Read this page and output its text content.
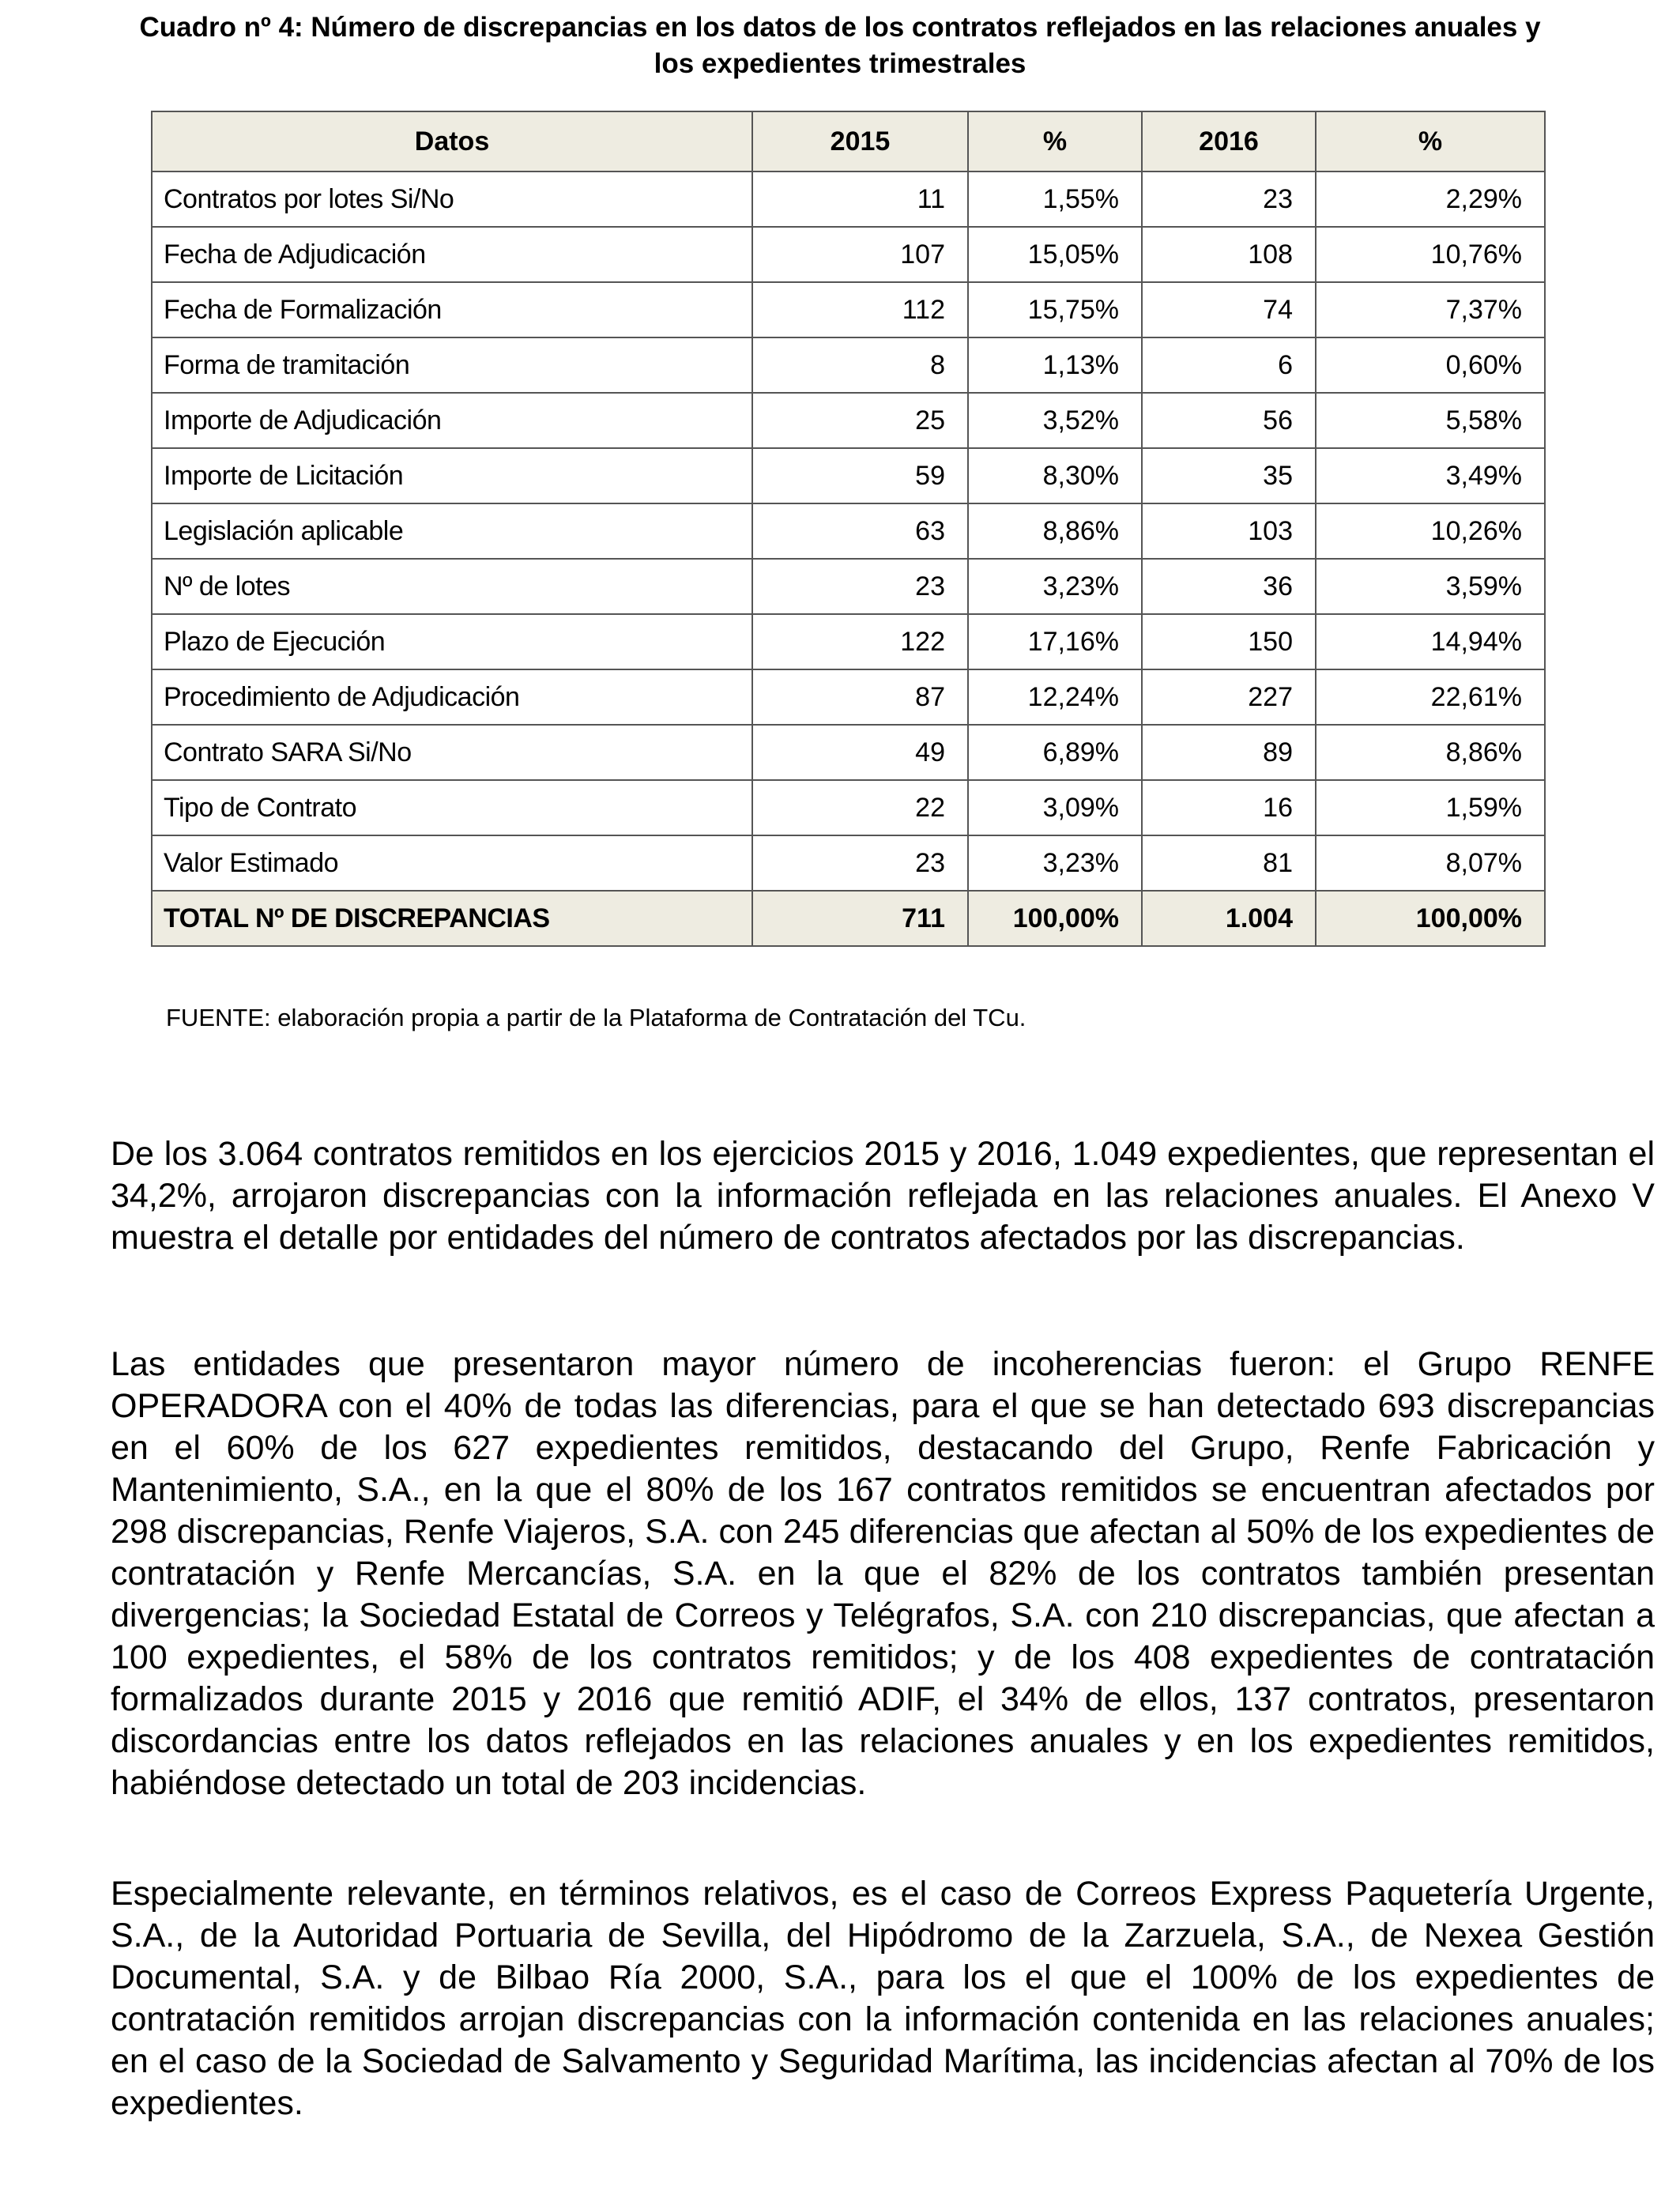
Cuadro nº 4: Número de discrepancias en los datos de los contratos reflejados en las relaciones anuales y los expedientes trimestrales
Datos	2015	%	2016	%
Contratos por lotes Si/No	11	1,55%	23	2,29%
Fecha de Adjudicación	107	15,05%	108	10,76%
Fecha de Formalización	112	15,75%	74	7,37%
Forma de tramitación	8	1,13%	6	0,60%
Importe de Adjudicación	25	3,52%	56	5,58%
Importe de Licitación	59	8,30%	35	3,49%
Legislación aplicable	63	8,86%	103	10,26%
Nº de lotes	23	3,23%	36	3,59%
Plazo de Ejecución	122	17,16%	150	14,94%
Procedimiento de Adjudicación	87	12,24%	227	22,61%
Contrato SARA Si/No	49	6,89%	89	8,86%
Tipo de Contrato	22	3,09%	16	1,59%
Valor Estimado	23	3,23%	81	8,07%
TOTAL Nº DE DISCREPANCIAS	711	100,00%	1.004	100,00%
FUENTE: elaboración propia a partir de la Plataforma de Contratación del TCu.

De los 3.064 contratos remitidos en los ejercicios 2015 y 2016, 1.049 expedientes, que representan el 34,2%, arrojaron discrepancias con la información reflejada en las relaciones anuales. El Anexo V muestra el detalle por entidades del número de contratos afectados por las discrepancias.

Las entidades que presentaron mayor número de incoherencias fueron: el Grupo RENFE OPERADORA con el 40% de todas las diferencias, para el que se han detectado 693 discrepancias en el 60% de los 627 expedientes remitidos, destacando del Grupo, Renfe Fabricación y Mantenimiento, S.A., en la que el 80% de los 167 contratos remitidos se encuentran afectados por 298 discrepancias, Renfe Viajeros, S.A. con 245 diferencias que afectan al 50% de los expedientes de contratación y Renfe Mercancías, S.A. en la que el 82% de los contratos también presentan divergencias; la Sociedad Estatal de Correos y Telégrafos, S.A. con 210 discrepancias, que afectan a 100 expedientes, el 58% de los contratos remitidos; y de los 408 expedientes de contratación formalizados durante 2015 y 2016 que remitió ADIF, el 34% de ellos, 137 contratos, presentaron discordancias entre los datos reflejados en las relaciones anuales y en los expedientes remitidos, habiéndose detectado un total de 203 incidencias.

Especialmente relevante, en términos relativos, es el caso de Correos Express Paquetería Urgente, S.A., de la Autoridad Portuaria de Sevilla, del Hipódromo de la Zarzuela, S.A., de Nexea Gestión Documental, S.A. y de Bilbao Ría 2000, S.A., para los el que el 100% de los expedientes de contratación remitidos arrojan discrepancias con la información contenida en las relaciones anuales; en el caso de la Sociedad de Salvamento y Seguridad Marítima, las incidencias afectan al 70% de los expedientes.
